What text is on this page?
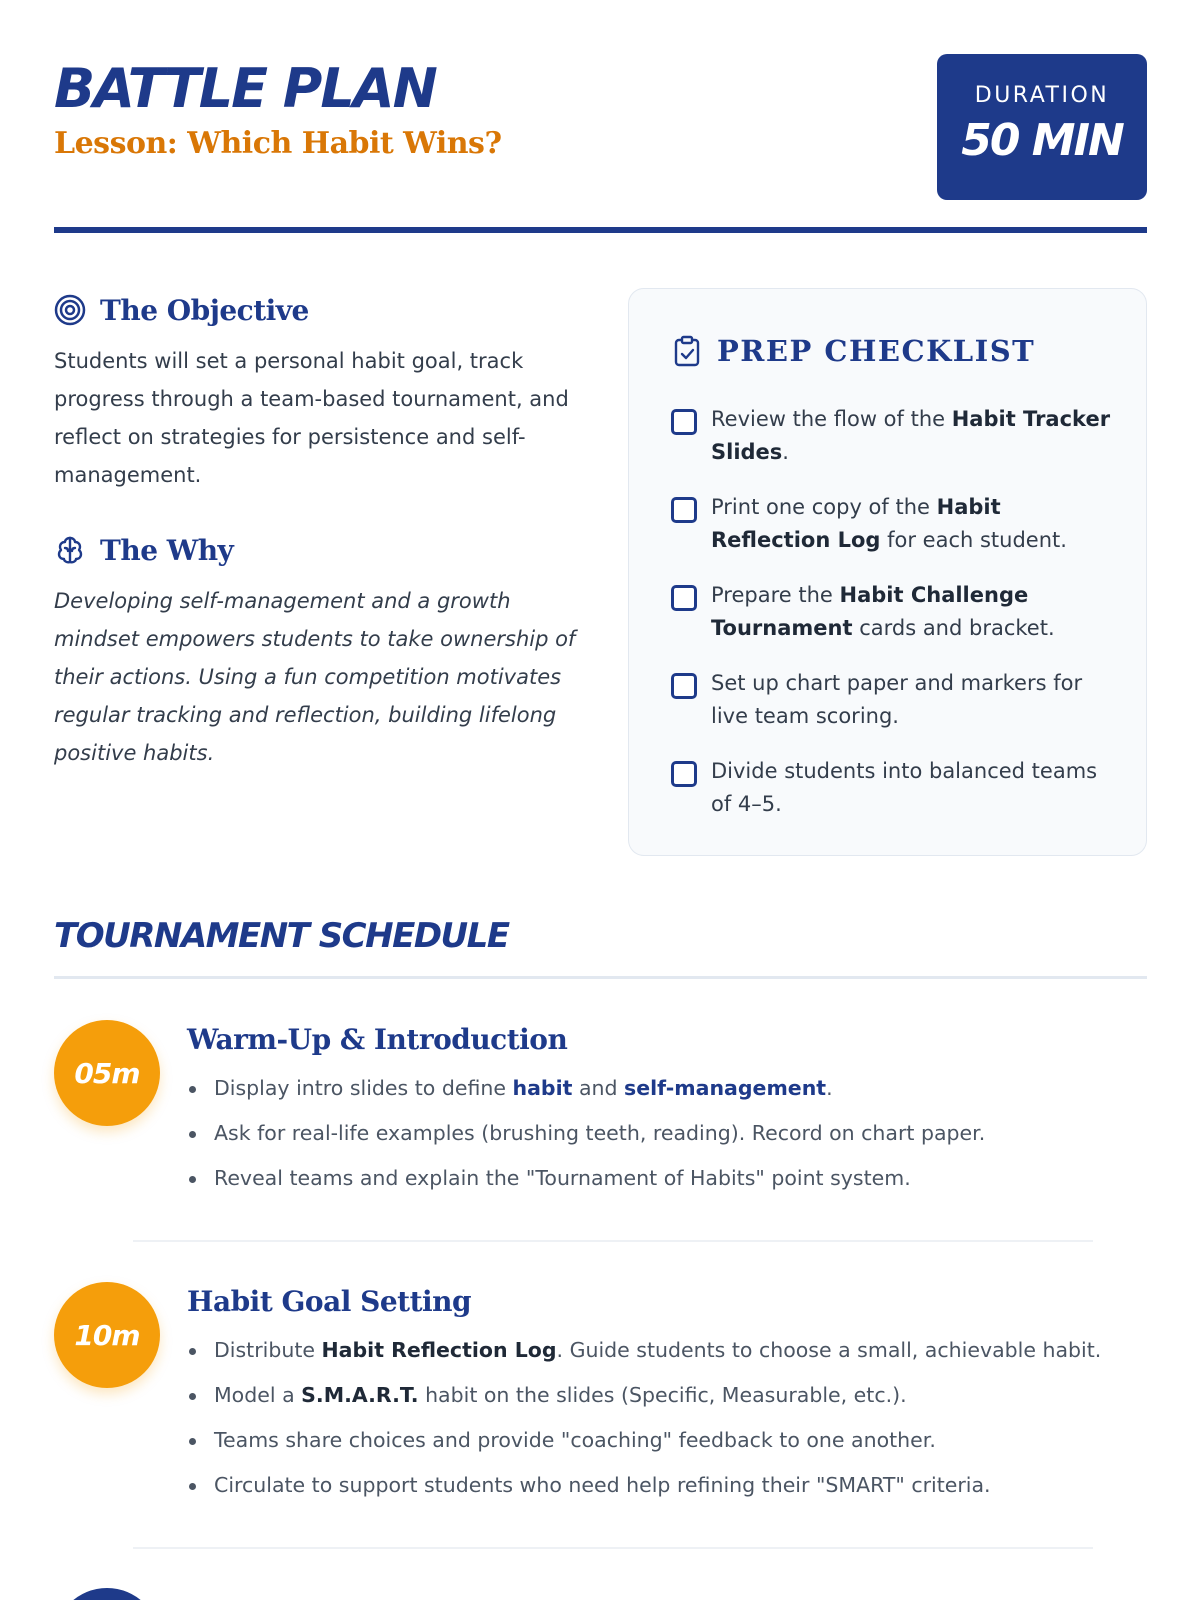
BATTLE PLAN
Lesson: Which Habit Wins?
DURATION
50 MIN
The Objective

Students will set a personal habit goal, track progress through a team-based tournament, and reflect on strategies for persistence and self-management.

The Why

Developing self-management and a growth mindset empowers students to take ownership of their actions. Using a fun competition motivates regular tracking and reflection, building lifelong positive habits.

PREP CHECKLIST
Review the flow of the Habit Tracker Slides.
Print one copy of the Habit Reflection Log for each student.
Prepare the Habit Challenge Tournament cards and bracket.
Set up chart paper and markers for live team scoring.
Divide students into balanced teams of 4–5.
TOURNAMENT SCHEDULE
05m
Warm-Up & Introduction
Display intro slides to define habit and self-management.
Ask for real-life examples (brushing teeth, reading). Record on chart paper.
Reveal teams and explain the "Tournament of Habits" point system.
10m
Habit Goal Setting
Distribute Habit Reflection Log. Guide students to choose a small, achievable habit.
Model a S.M.A.R.T. habit on the slides (Specific, Measurable, etc.).
Teams share choices and provide "coaching" feedback to one another.
Circulate to support students who need help refining their "SMART" criteria.
